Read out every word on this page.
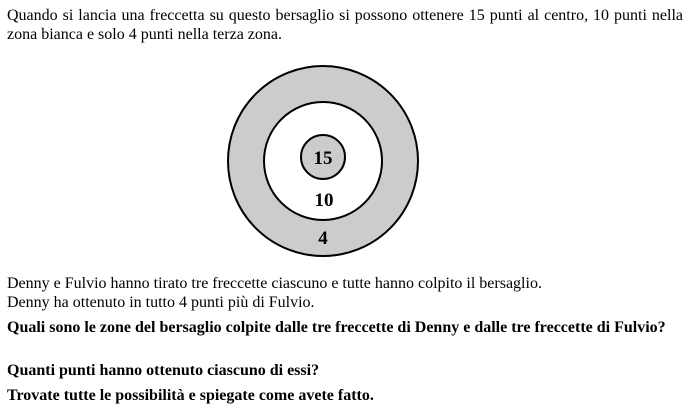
Quando si lancia una freccetta su questo bersaglio si possono ottenere 15 punti al centro, 10 punti nella zona bianca e solo 4 punti nella terza zona.
15
10
4
Denny e Fulvio hanno tirato tre freccette ciascuno e tutte hanno colpito il bersaglio.
Denny ha ottenuto in tutto 4 punti più di Fulvio.
Quali sono le zone del bersaglio colpite dalle tre freccette di Denny e dalle tre freccette di Fulvio?
Quanti punti hanno ottenuto ciascuno di essi?
Trovate tutte le possibilità e spiegate come avete fatto.
